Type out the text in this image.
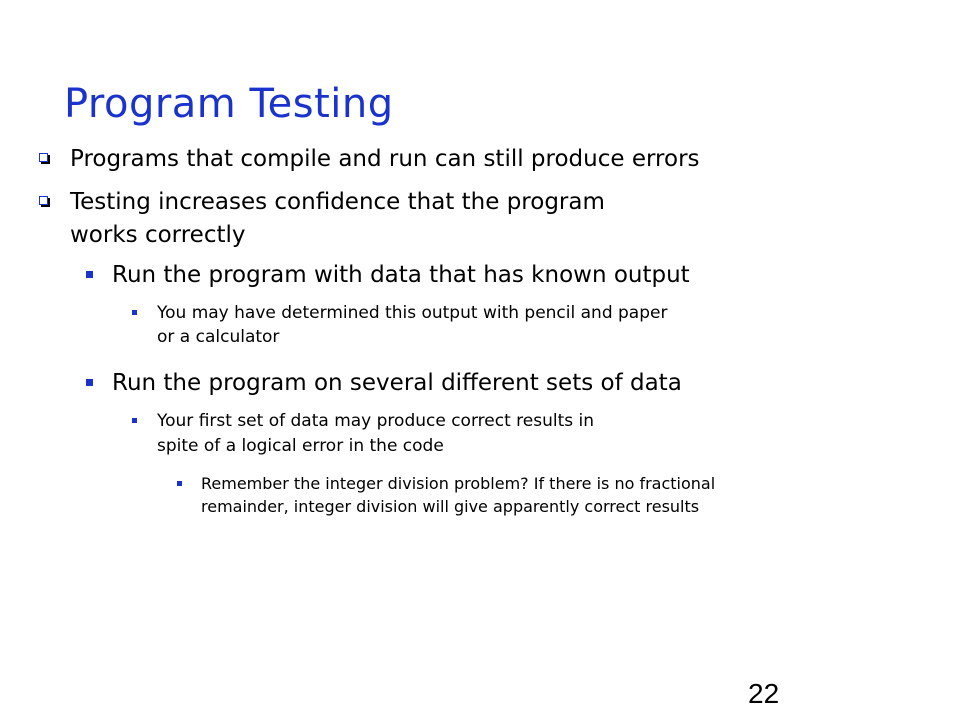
Program Testing
Programs that compile and run can still produce errors
Testing increases confidence that the program
works correctly
Run the program with data that has known output
You may have determined this output with pencil and paper
or a calculator
Run the program on several different sets of data
Your first set of data may produce correct results in
spite of a logical error in the code
Remember the integer division problem? If there is no fractional
remainder, integer division will give apparently correct results
22
